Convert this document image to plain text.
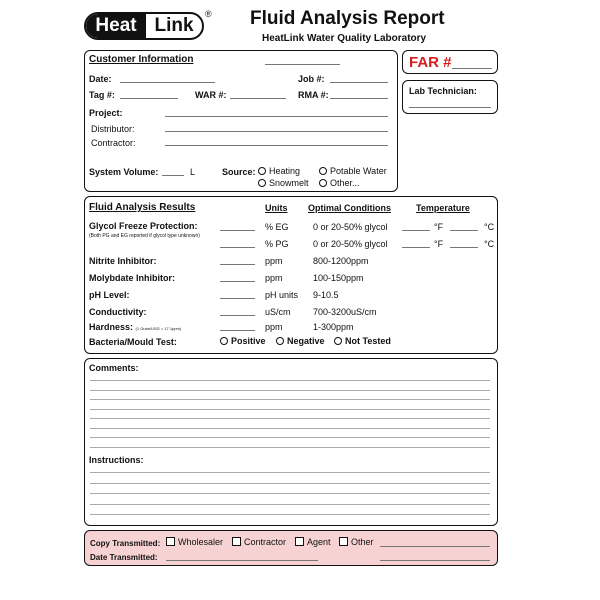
Heat Link
® Fluid Analysis Report
HeatLink Water Quality Laboratory
Customer Information
Date:	Job #:
Tag #:	WAR #:	RMA #:
Project:
Distributor:
Contractor:
System Volume:	L	Source:	Heating	Potable Water
Snowmelt	Other...
FAR #
Lab Technician:
Fluid Analysis Results	Units Optimal Conditions	Temperature
Glycol Freeze Protection:
(Both PG and EG reported if glycol type unknown)
% EG	0 or 20-50% glycol	°F	°C
% PG	0 or 20-50% glycol	°F	°C
Nitrite Inhibitor:	ppm	800-1200ppm
Molybdate Inhibitor:	ppm	100-150ppm
pH Level:	pH units 9-10.5
Conductivity:	uS/cm 700-3200uS/cm
Hardness: (1 Grain/USG = 17.1ppm)	ppm	1-300ppm
Bacteria/Mould Test:	Positive	Negative	Not Tested
Comments:
Instructions:
Copy Transmitted:	Wholesaler	Contractor	Agent	Other
Date Transmitted:
